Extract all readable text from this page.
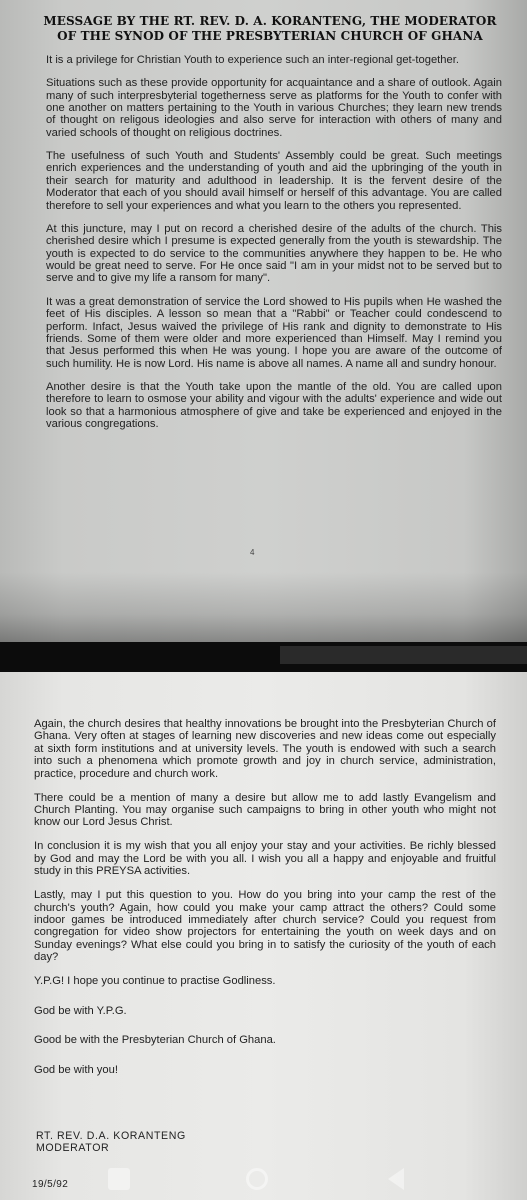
MESSAGE BY THE RT. REV. D. A. KORANTENG, THE MODERATOR OF THE SYNOD OF THE PRESBYTERIAN CHURCH OF GHANA

It is a privilege for Christian Youth to experience such an inter-regional get-together.

Situations such as these provide opportunity for acquaintance and a share of outlook. Again many of such interpresbyterial togetherness serve as platforms for the Youth to confer with one another on matters pertaining to the Youth in various Churches; they learn new trends of thought on religous ideologies and also serve for interaction with others of many and varied schools of thought on religious doctrines.

The usefulness of such Youth and Students' Assembly could be great. Such meetings enrich experiences and the understanding of youth and aid the upbringing of the youth in their search for maturity and adulthood in leadership. It is the fervent desire of the Moderator that each of you should avail himself or herself of this advantage. You are called therefore to sell your experiences and what you learn to the others you represented.

At this juncture, may I put on record a cherished desire of the adults of the church. This cherished desire which I presume is expected generally from the youth is stewardship. The youth is expected to do service to the communities anywhere they happen to be. He who would be great need to serve. For He once said "I am in your midst not to be served but to serve and to give my life a ransom for many".

It was a great demonstration of service the Lord showed to His pupils when He washed the feet of His disciples. A lesson so mean that a "Rabbi" or Teacher could condescend to perform. Infact, Jesus waived the privilege of His rank and dignity to demonstrate to His friends. Some of them were older and more experienced than Himself. May I remind you that Jesus performed this when He was young. I hope you are aware of the outcome of such humility. He is now Lord. His name is above all names. A name all and sundry honour.

Another desire is that the Youth take upon the mantle of the old. You are called upon therefore to learn to osmose your ability and vigour with the adults' experience and wide out look so that a harmonious atmosphere of give and take be experienced and enjoyed in the various congregations.

4

Again, the church desires that healthy innovations be brought into the Presbyterian Church of Ghana. Very often at stages of learning new discoveries and new ideas come out especially at sixth form institutions and at university levels. The youth is endowed with such a search into such a phenomena which promote growth and joy in church service, administration, practice, procedure and church work.

There could be a mention of many a desire but allow me to add lastly Evangelism and Church Planting. You may organise such campaigns to bring in other youth who might not know our Lord Jesus Christ.

In conclusion it is my wish that you all enjoy your stay and your activities. Be richly blessed by God and may the Lord be with you all. I wish you all a happy and enjoyable and fruitful study in this PREYSA activities.

Lastly, may I put this question to you. How do you bring into your camp the rest of the church's youth? Again, how could you make your camp attract the others? Could some indoor games be introduced immediately after church service? Could you request from congregation for video show projectors for entertaining the youth on week days and on Sunday evenings? What else could you bring in to satisfy the curiosity of the youth of each day?

Y.P.G! I hope you continue to practise Godliness.

God be with Y.P.G.

Good be with the Presbyterian Church of Ghana.

God be with you!

RT. REV. D.A. KORANTENG
MODERATOR
19/5/92
